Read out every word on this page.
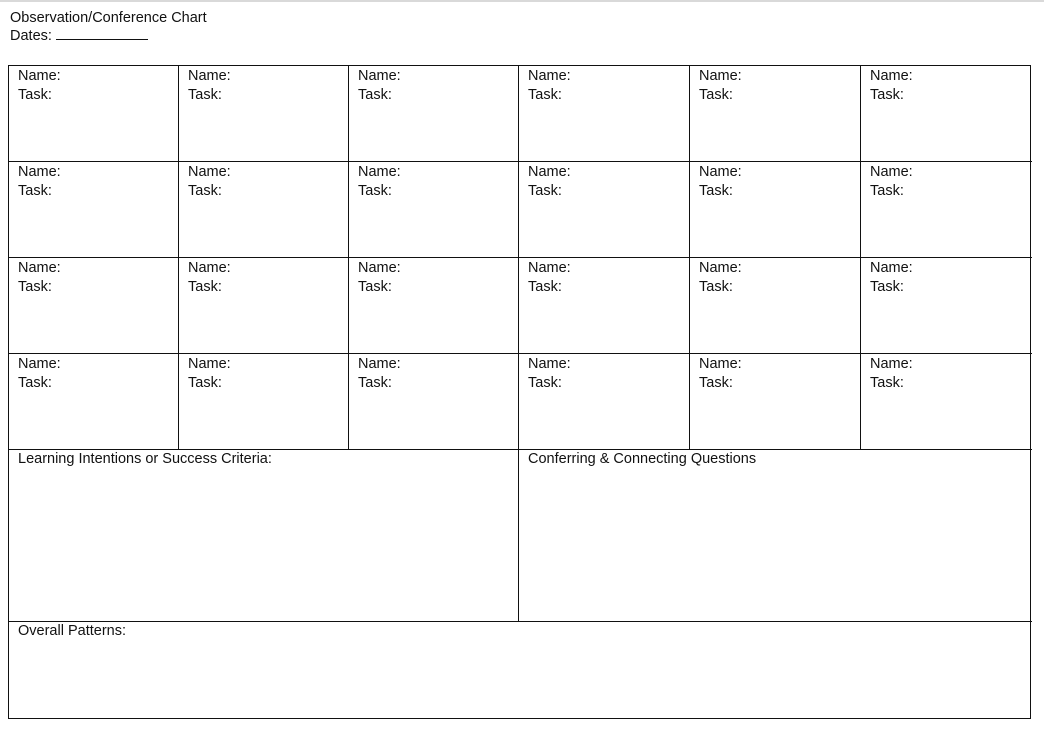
Observation/Conference Chart
Dates:
Name:
Task:
Name:
Task:
Name:
Task:
Name:
Task:
Name:
Task:
Name:
Task:
Name:
Task:
Name:
Task:
Name:
Task:
Name:
Task:
Name:
Task:
Name:
Task:
Name:
Task:
Name:
Task:
Name:
Task:
Name:
Task:
Name:
Task:
Name:
Task:
Name:
Task:
Name:
Task:
Name:
Task:
Name:
Task:
Name:
Task:
Name:
Task:
Learning Intentions or Success Criteria:	Conferring & Connecting Questions
Overall Patterns:
